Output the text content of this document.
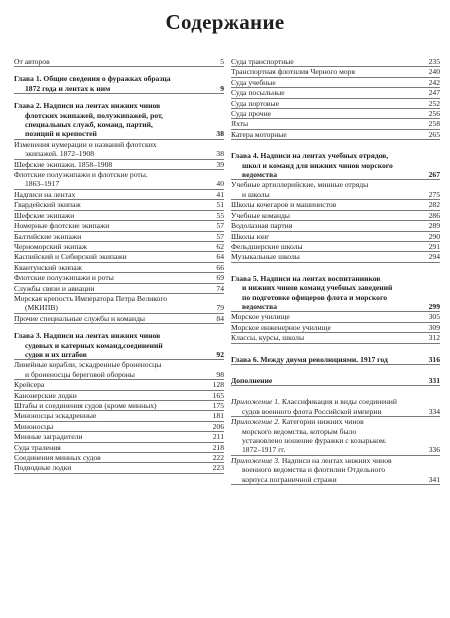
Содержание
От авторов	5
Глава 1. Общие сведения о фуражках образца
1872 года и лентах к ним	9
Глава 2. Надписи на лентах нижних чинов
флотских экипажей, полуэкипажей, рот,
специальных служб, команд, партий,
позиций и крепостей	38
Изменения нумерации и названий флотских
экипажей. 1872–1908	38
Шефские экипажи. 1858–1908	39
Флотские полуэкипажи и флотские роты.
1863–1917	40
Надписи на лентах	41
Гвардейский экипаж	51
Шефские экипажи	55
Номерные флотские экипажи	57
Балтийские экипажи	57
Черноморский экипаж	62
Каспийский и Сибирский экипажи	64
Квантунский экипаж	66
Флотские полуэкипажи и роты	69
Службы связи и авиации	74
Морская крепость Императора Петра Великого
(МКИПВ)	79
Прочие специальные службы и команды	84
Глава 3. Надписи на лентах нижних чинов
судовых и катерных команд,соединений
судов и их штабов	92
Линейные корабли, эскадренные броненосцы
и броненосцы береговой обороны	98
Крейсера	128
Канонерские лодки	165
Штабы и соединения судов (кроме минных)	175
Миноносцы эскадренные	181
Миноносцы	206
Минные заградители	211
Суда траления	218
Соединения минных судов	222
Подводные лодки	223
Суда транспортные	235
Транспортная флотилия Черного моря	240
Суда учебные	242
Суда посыльные	247
Суда портовые	252
Суда прочие	256
Яхты	258
Катера моторные	265
Глава 4. Надписи на лентах учебных отрядов,
школ и команд для нижних чинов морского
ведомства	267
Учебные артиллерийские, минные отряды
и школы	275
Школы кочегаров и машинистов	282
Учебные команды	286
Водолазная партия	289
Школы юнг	290
Фельдшерские школы	291
Музыкальные школы	294
Глава 5. Надписи на лентах воспитанников
и нижних чинов команд учебных заведений
по подготовке офицеров флота и морского
ведомства	299
Морское училище	305
Морское инженерное училище	309
Классы, курсы, школы	312
Глава 6. Между двумя революциями. 1917 год	316
Дополнение	331
Приложение 1. Классификация и виды соединений
судов военного флота Российской империи	334
Приложение 2. Категории нижних чинов
морского ведомства, которым было
установлено ношение фуражки с козырьком.
1872–1917 гг.	336
Приложение 3. Надписи на лентах нижних чинов
военного ведомства и флотилии Отдельного
корпуса пограничной стражи	341
